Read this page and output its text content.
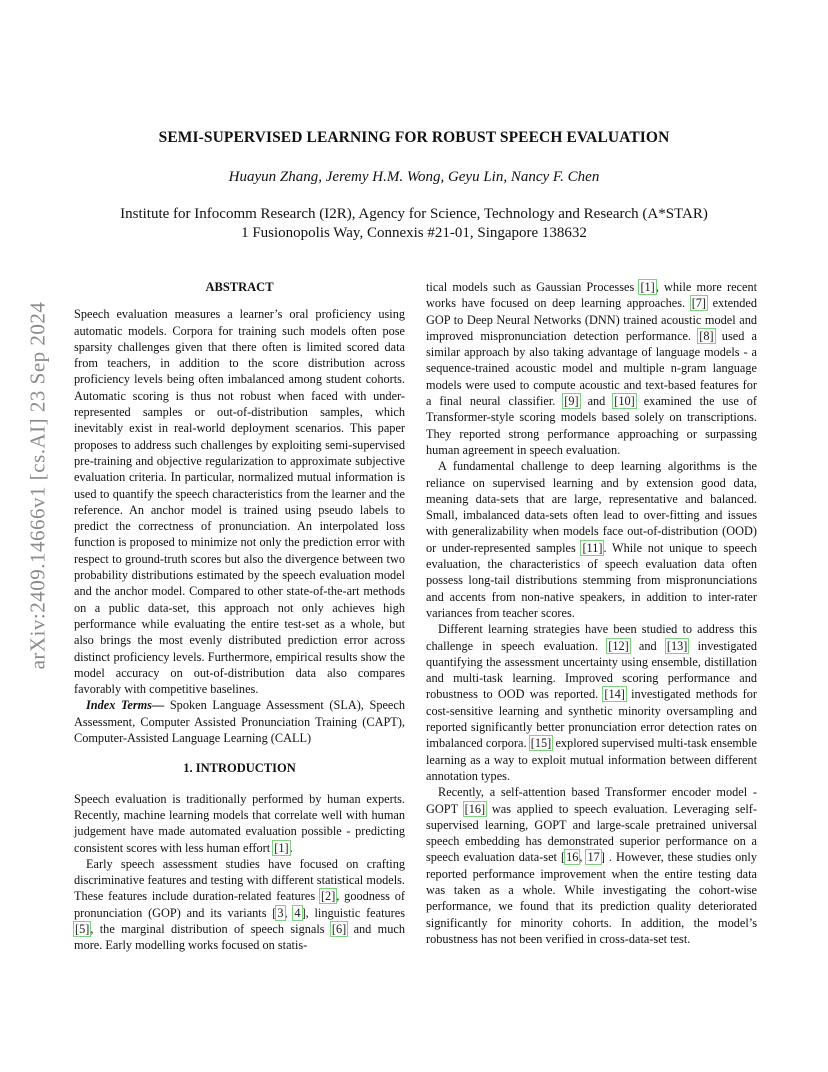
arXiv:2409.14666v1 [cs.AI] 23 Sep 2024
SEMI-SUPERVISED LEARNING FOR ROBUST SPEECH EVALUATION
Huayun Zhang, Jeremy H.M. Wong, Geyu Lin, Nancy F. Chen
Institute for Infocomm Research (I2R), Agency for Science, Technology and Research (A*STAR)
1 Fusionopolis Way, Connexis #21-01, Singapore 138632
ABSTRACT

Speech evaluation measures a learner’s oral proficiency using automatic models. Corpora for training such models often pose sparsity challenges given that there often is limited scored data from teachers, in addition to the score distribution across proficiency levels being often imbalanced among student cohorts. Automatic scoring is thus not robust when faced with under-represented samples or out-of-distribution samples, which inevitably exist in real-world deployment scenarios. This paper proposes to address such challenges by exploiting semi-supervised pre-training and objective regularization to approximate subjective evaluation criteria. In particular, normalized mutual information is used to quantify the speech characteristics from the learner and the reference. An anchor model is trained using pseudo labels to predict the correctness of pronunciation. An interpolated loss function is proposed to minimize not only the prediction error with respect to ground-truth scores but also the divergence between two probability distributions estimated by the speech evaluation model and the anchor model. Compared to other state-of-the-art methods on a public data-set, this approach not only achieves high performance while evaluating the entire test-set as a whole, but also brings the most evenly distributed prediction error across distinct proficiency levels. Furthermore, empirical results show the model accuracy on out-of-distribution data also compares favorably with competitive baselines.

Index Terms— Spoken Language Assessment (SLA), Speech Assessment, Computer Assisted Pronunciation Training (CAPT), Computer-Assisted Language Learning (CALL)

1. INTRODUCTION

Speech evaluation is traditionally performed by human experts. Recently, machine learning models that correlate well with human judgement have made automated evaluation possible - predicting consistent scores with less human effort [1].

Early speech assessment studies have focused on crafting discriminative features and testing with different statistical models. These features include duration-related features [2], goodness of pronunciation (GOP) and its variants [3, 4], linguistic features [5], the marginal distribution of speech signals [6] and much more. Early modelling works focused on statis-

tical models such as Gaussian Processes [1], while more recent works have focused on deep learning approaches. [7] extended GOP to Deep Neural Networks (DNN) trained acoustic model and improved mispronunciation detection performance. [8] used a similar approach by also taking advantage of language models - a sequence-trained acoustic model and multiple n-gram language models were used to compute acoustic and text-based features for a final neural classifier. [9] and [10] examined the use of Transformer-style scoring models based solely on transcriptions. They reported strong performance approaching or surpassing human agreement in speech evaluation.

A fundamental challenge to deep learning algorithms is the reliance on supervised learning and by extension good data, meaning data-sets that are large, representative and balanced. Small, imbalanced data-sets often lead to over-fitting and issues with generalizability when models face out-of-distribution (OOD) or under-represented samples [11]. While not unique to speech evaluation, the characteristics of speech evaluation data often possess long-tail distributions stemming from mispronunciations and accents from non-native speakers, in addition to inter-rater variances from teacher scores.

Different learning strategies have been studied to address this challenge in speech evaluation. [12] and [13] investigated quantifying the assessment uncertainty using ensemble, distillation and multi-task learning. Improved scoring performance and robustness to OOD was reported. [14] investigated methods for cost-sensitive learning and synthetic minority oversampling and reported significantly better pronunciation error detection rates on imbalanced corpora. [15] explored supervised multi-task ensemble learning as a way to exploit mutual information between different annotation types.

Recently, a self-attention based Transformer encoder model - GOPT [16] was applied to speech evaluation. Leveraging self-supervised learning, GOPT and large-scale pretrained universal speech embedding has demonstrated superior performance on a speech evaluation data-set [16, 17] . However, these studies only reported performance improvement when the entire testing data was taken as a whole. While investigating the cohort-wise performance, we found that its prediction quality deteriorated significantly for minority cohorts. In addition, the model’s robustness has not been verified in cross-data-set test.
